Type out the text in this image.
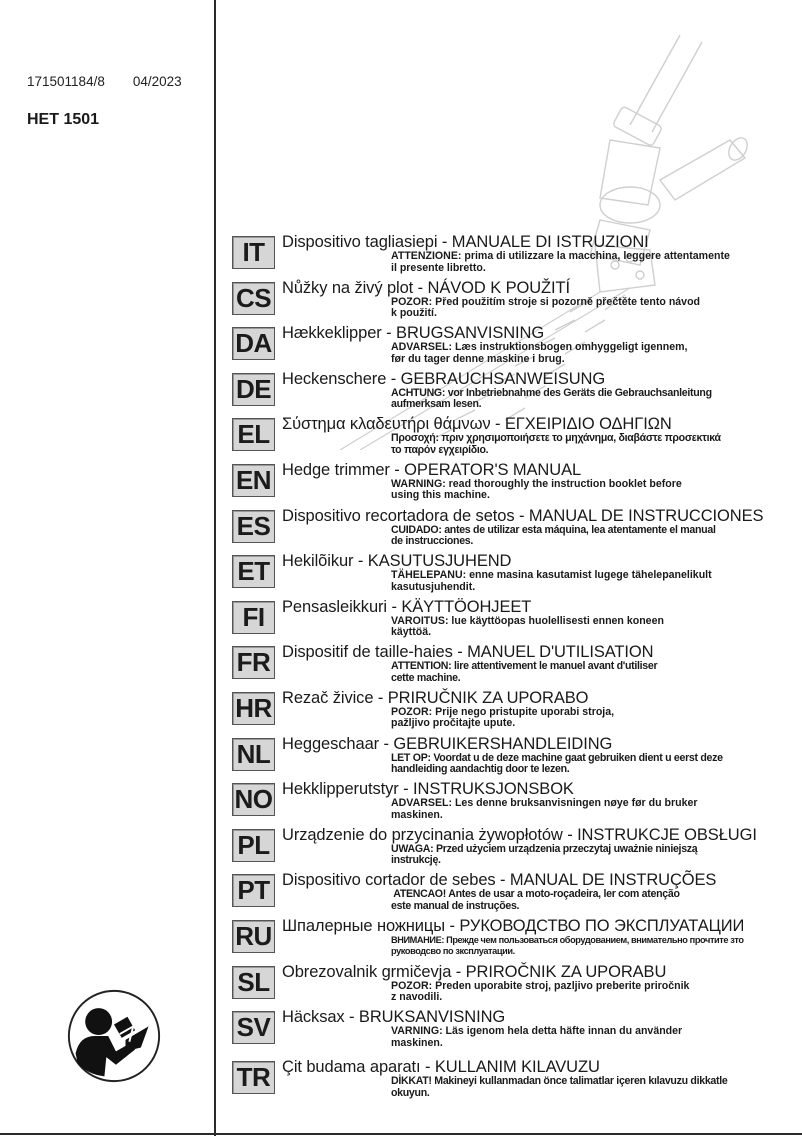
171501184/8 04/2023
HET 1501
IT	Dispositivo tagliasiepi - MANUALE DI ISTRUZIONI
ATTENZIONE: prima di utilizzare la macchina, leggere attentamente
il presente libretto.
CS Nůžky na živý plot - NÁVOD K POUŽITÍ
POZOR: Před použitím stroje si pozorně přečtěte tento návod
k použití.
DA Hækkeklipper - BRUGSANVISNING
ADVARSEL: Læs instruktionsbogen omhyggeligt igennem,
før du tager denne maskine i brug.
DE Heckenschere - GEBRAUCHSANWEISUNG
ACHTUNG: vor Inbetriebnahme des Geräts die Gebrauchsanleitung
aufmerksam lesen.
EL Σύστημα κλαδευτήρι θάμνων - ΕΓΧΕΙΡΙΔΙΟ ΟΔΗΓΙΩΝ
Προσοχή: πριν χρησιμοποιήσετε το μηχάνημα, διαβάστε προσεκτικά
το παρόν εγχειρίδιο.
EN Hedge trimmer - OPERATOR'S MANUAL
WARNING: read thoroughly the instruction booklet before
using this machine.
ES Dispositivo recortadora de setos - MANUAL DE INSTRUCCIONES
CUIDADO: antes de utilizar esta máquina, lea atentamente el manual
de instrucciones.
ET Hekilõikur - KASUTUSJUHEND
TÄHELEPANU: enne masina kasutamist lugege tähelepanelikult
kasutusjuhendit.
FI	Pensasleikkuri - KÄYTTÖOHJEET
VAROITUS: lue käyttöopas huolellisesti ennen koneen
käyttöä.
FR Dispositif de taille-haies - MANUEL D'UTILISATION
ATTENTION: lire attentivement le manuel avant d'utiliser
cette machine.
HR Rezač živice - PRIRUČNIK ZA UPORABO
POZOR: Prije nego pristupite uporabi stroja,
pažljivo pročitajte upute.
NL Heggeschaar - GEBRUIKERSHANDLEIDING
LET OP: Voordat u de deze machine gaat gebruiken dient u eerst deze
handleiding aandachtig door te lezen.
NO Hekklipperutstyr - INSTRUKSJONSBOK
ADVARSEL: Les denne bruksanvisningen nøye før du bruker
maskinen.
PL Urządzenie do przycinania żywopłotów - INSTRUKCJE OBSŁUGI
UWAGA: Przed użyciem urządzenia przeczytaj uważnie niniejszą
instrukcję.
PT Dispositivo cortador de sebes - MANUAL DE INSTRUÇÕES
ATENCAO! Antes de usar a moto-roçadeira, ler com atenção
este manual de instruções.
RU Шпалерные ножницы - РУКОВОДСТВО ПО ЭКСПЛУАТАЦИИ
ВНИМАНИЕ: Прежде чем пользоваться оборудованием, внимательно прочтите зто
руководсво по зксплуатации.
SL Obrezovalnik grmičevja - PRIROČNIK ZA UPORABU
POZOR: Preden uporabite stroj, pazljivo preberite priročnik
z navodili.
SV Häcksax - BRUKSANVISNING
VARNING: Läs igenom hela detta häfte innan du använder
maskinen.
TR Çit budama aparatı - KULLANIM KILAVUZU
DİKKAT! Makineyi kullanmadan önce talimatlar içeren kılavuzu dikkatle
okuyun.
